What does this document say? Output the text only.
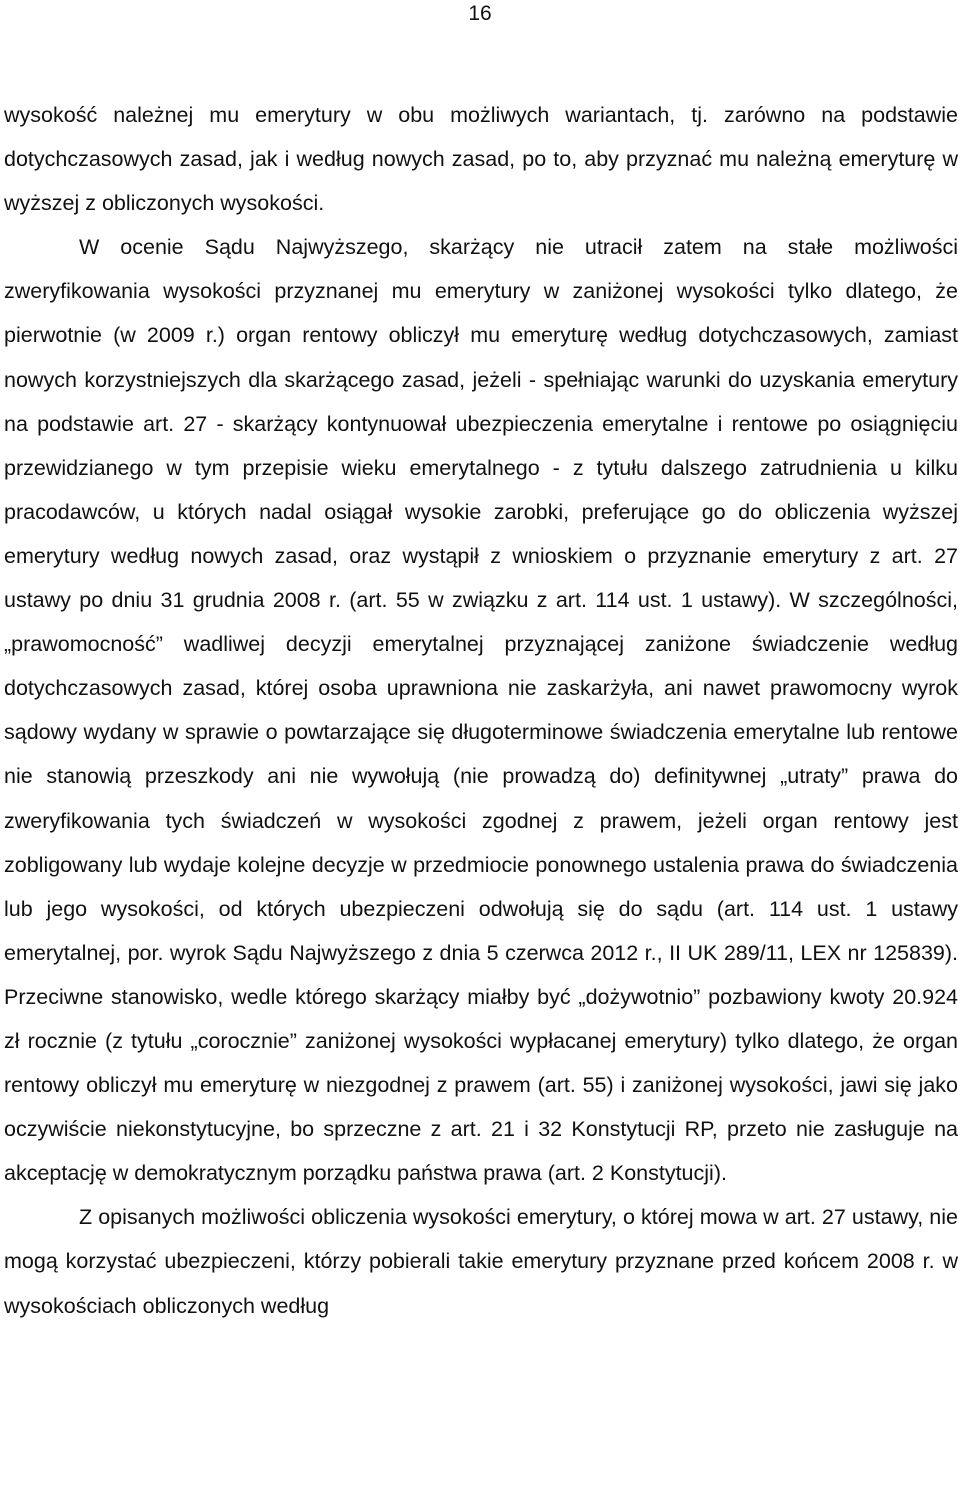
16

wysokość należnej mu emerytury w obu możliwych wariantach, tj. zarówno na podstawie dotychczasowych zasad, jak i według nowych zasad, po to, aby przyznać mu należną emeryturę w wyższej z obliczonych wysokości.

W ocenie Sądu Najwyższego, skarżący nie utracił zatem na stałe możliwości zweryfikowania wysokości przyznanej mu emerytury w zaniżonej wysokości tylko dlatego, że pierwotnie (w 2009 r.) organ rentowy obliczył mu emeryturę według dotychczasowych, zamiast nowych korzystniejszych dla skarżącego zasad, jeżeli - spełniając warunki do uzyskania emerytury na podstawie art. 27 - skarżący kontynuował ubezpieczenia emerytalne i rentowe po osiągnięciu przewidzianego w tym przepisie wieku emerytalnego - z tytułu dalszego zatrudnienia u kilku pracodawców, u których nadal osiągał wysokie zarobki, preferujące go do obliczenia wyższej emerytury według nowych zasad, oraz wystąpił z wnioskiem o przyznanie emerytury z art. 27 ustawy po dniu 31 grudnia 2008 r. (art. 55 w związku z art. 114 ust. 1 ustawy). W szczególności, „prawomocność” wadliwej decyzji emerytalnej przyznającej zaniżone świadczenie według dotychczasowych zasad, której osoba uprawniona nie zaskarżyła, ani nawet prawomocny wyrok sądowy wydany w sprawie o powtarzające się długoterminowe świadczenia emerytalne lub rentowe nie stanowią przeszkody ani nie wywołują (nie prowadzą do) definitywnej „utraty” prawa do zweryfikowania tych świadczeń w wysokości zgodnej z prawem, jeżeli organ rentowy jest zobligowany lub wydaje kolejne decyzje w przedmiocie ponownego ustalenia prawa do świadczenia lub jego wysokości, od których ubezpieczeni odwołują się do sądu (art. 114 ust. 1 ustawy emerytalnej, por. wyrok Sądu Najwyższego z dnia 5 czerwca 2012 r., II UK 289/11, LEX nr 125839). Przeciwne stanowisko, wedle którego skarżący miałby być „dożywotnio” pozbawiony kwoty 20.924 zł rocznie (z tytułu „corocznie” zaniżonej wysokości wypłacanej emerytury) tylko dlatego, że organ rentowy obliczył mu emeryturę w niezgodnej z prawem (art. 55) i zaniżonej wysokości, jawi się jako oczywiście niekonstytucyjne, bo sprzeczne z art. 21 i 32 Konstytucji RP, przeto nie zasługuje na akceptację w demokratycznym porządku państwa prawa (art. 2 Konstytucji).

Z opisanych możliwości obliczenia wysokości emerytury, o której mowa w art. 27 ustawy, nie mogą korzystać ubezpieczeni, którzy pobierali takie emerytury przyznane przed końcem 2008 r. w wysokościach obliczonych według
